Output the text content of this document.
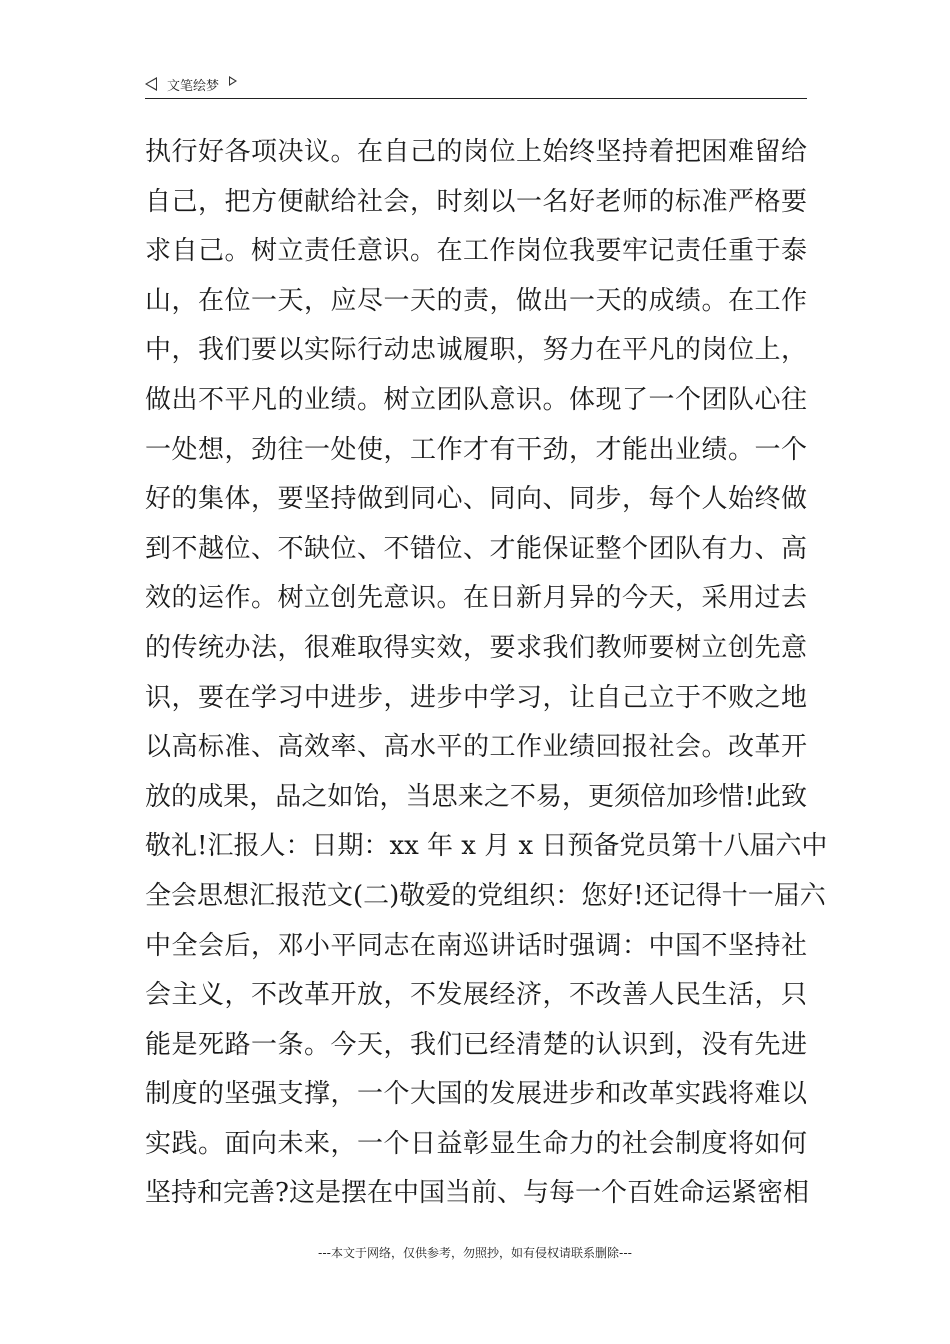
文笔绘梦
执行好各项决议。在自己的岗位上始终坚持着把困难留给
自己，把方便献给社会，时刻以一名好老师的标准严格要
求自己。树立责任意识。在工作岗位我要牢记责任重于泰
山，在位一天，应尽一天的责，做出一天的成绩。在工作
中，我们要以实际行动忠诚履职，努力在平凡的岗位上，
做出不平凡的业绩。树立团队意识。体现了一个团队心往
一处想，劲往一处使，工作才有干劲，才能出业绩。一个
好的集体，要坚持做到同心、同向、同步，每个人始终做
到不越位、不缺位、不错位、才能保证整个团队有力、高
效的运作。树立创先意识。在日新月异的今天，采用过去
的传统办法，很难取得实效，要求我们教师要树立创先意
识，要在学习中进步，进步中学习，让自己立于不败之地
以高标准、高效率、高水平的工作业绩回报社会。改革开
放的成果，品之如饴，当思来之不易，更须倍加珍惜!此致
敬礼!汇报人：日期：xx 年 x 月 x 日预备党员第十八届六中
全会思想汇报范文(二)敬爱的党组织：您好!还记得十一届六
中全会后，邓小平同志在南巡讲话时强调：中国不坚持社
会主义，不改革开放，不发展经济，不改善人民生活，只
能是死路一条。今天，我们已经清楚的认识到，没有先进
制度的坚强支撑，一个大国的发展进步和改革实践将难以
实践。面向未来，一个日益彰显生命力的社会制度将如何
坚持和完善?这是摆在中国当前、与每一个百姓命运紧密相
---本文于网络，仅供参考，勿照抄，如有侵权请联系删除---
